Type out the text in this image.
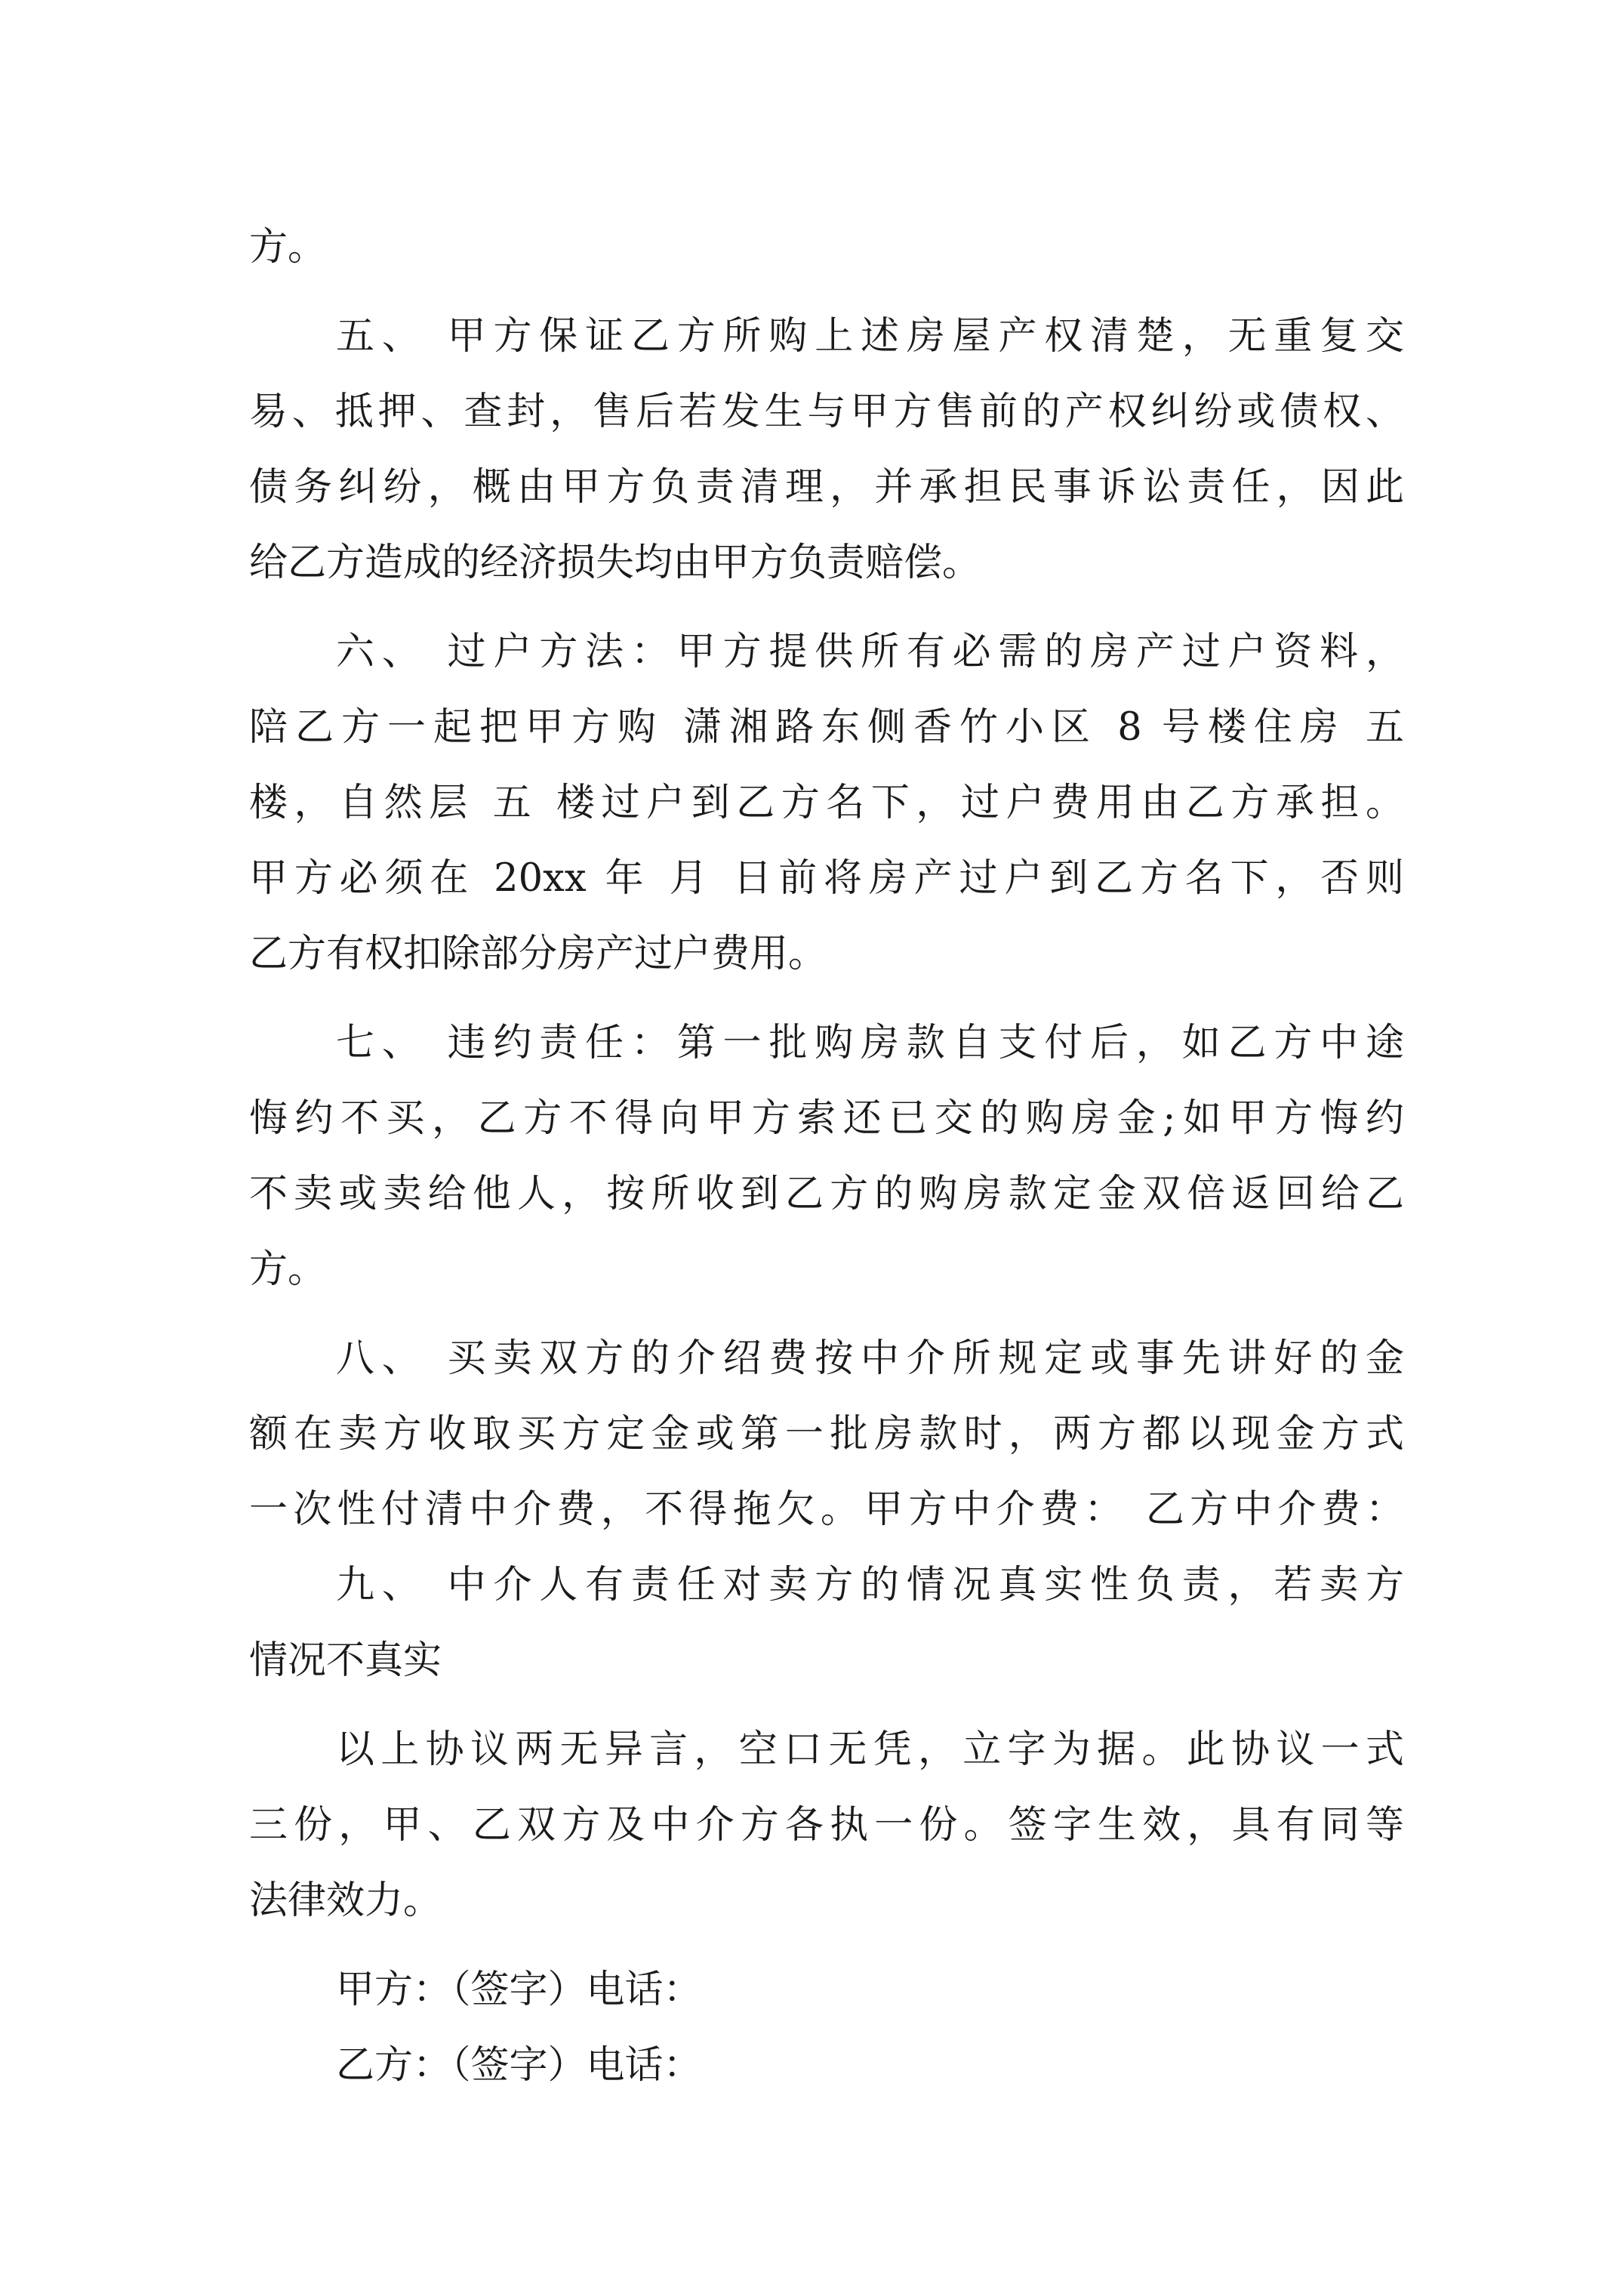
方。
五、 甲方保证乙方所购上述房屋产权清楚，无重复交
易、抵押、查封，售后若发生与甲方售前的产权纠纷或债权、
债务纠纷，概由甲方负责清理，并承担民事诉讼责任，因此
给乙方造成的经济损失均由甲方负责赔偿。
六、 过户方法：甲方提供所有必需的房产过户资料，
陪乙方一起把甲方购 潇湘路东侧香竹小区 8 号楼住房 五
楼，自然层 五 楼过户到乙方名下，过户费用由乙方承担。
甲方必须在 20xx 年 月 日前将房产过户到乙方名下，否则
乙方有权扣除部分房产过户费用。
七、 违约责任：第一批购房款自支付后，如乙方中途
悔约不买，乙方不得向甲方索还已交的购房金;如甲方悔约
不卖或卖给他人，按所收到乙方的购房款定金双倍返回给乙
方。
八、 买卖双方的介绍费按中介所规定或事先讲好的金
额在卖方收取买方定金或第一批房款时，两方都以现金方式
一次性付清中介费，不得拖欠。甲方中介费： 乙方中介费：
九、 中介人有责任对卖方的情况真实性负责，若卖方
情况不真实
以上协议两无异言，空口无凭，立字为据。此协议一式
三份，甲、乙双方及中介方各执一份。签字生效，具有同等
法律效力。
甲方：（签字）电话：
乙方：（签字）电话：
